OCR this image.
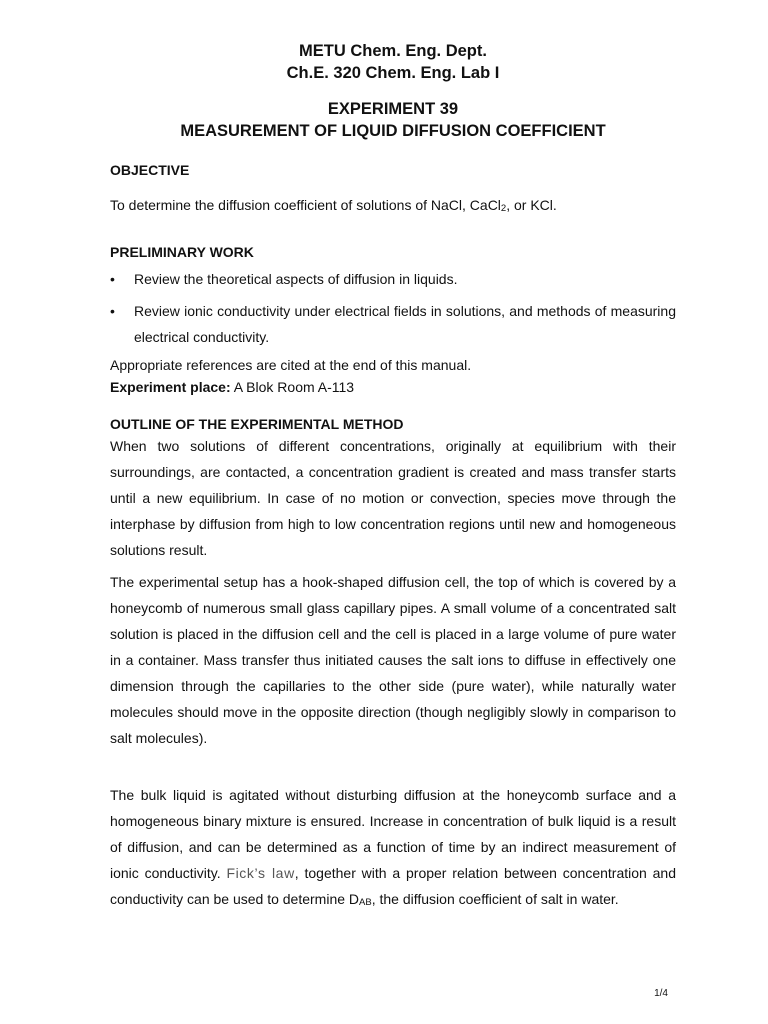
METU Chem. Eng. Dept.

Ch.E. 320 Chem. Eng. Lab I

EXPERIMENT 39

MEASUREMENT OF LIQUID DIFFUSION COEFFICIENT

OBJECTIVE

To determine the diffusion coefficient of solutions of NaCl, CaCl$_2$, or KCl.

PRELIMINARY WORK

• Review the theoretical aspects of diffusion in liquids.
• Review ionic conductivity under electrical fields in solutions, and methods of measuring electrical conductivity.

Appropriate references are cited at the end of this manual.

Experiment place: A Blok Room A-113

OUTLINE OF THE EXPERIMENTAL METHOD

When two solutions of different concentrations, originally at equilibrium with their surroundings, are contacted, a concentration gradient is created and mass transfer starts until a new equilibrium. In case of no motion or convection, species move through the interphase by diffusion from high to low concentration regions until new and homogeneous solutions result.

The experimental setup has a hook-shaped diffusion cell, the top of which is covered by a honeycomb of numerous small glass capillary pipes. A small volume of a concentrated salt solution is placed in the diffusion cell and the cell is placed in a large volume of pure water in a container. Mass transfer thus initiated causes the salt ions to diffuse in effectively one dimension through the capillaries to the other side (pure water), while naturally water molecules should move in the opposite direction (though negligibly slowly in comparison to salt molecules).

The bulk liquid is agitated without disturbing diffusion at the honeycomb surface and a homogeneous binary mixture is ensured. Increase in concentration of bulk liquid is a result of diffusion, and can be determined as a function of time by an indirect measurement of ionic conductivity. Fick’s law, together with a proper relation between concentration and conductivity can be used to determine $D_{AB}$, the diffusion coefficient of salt in water.

1/4
